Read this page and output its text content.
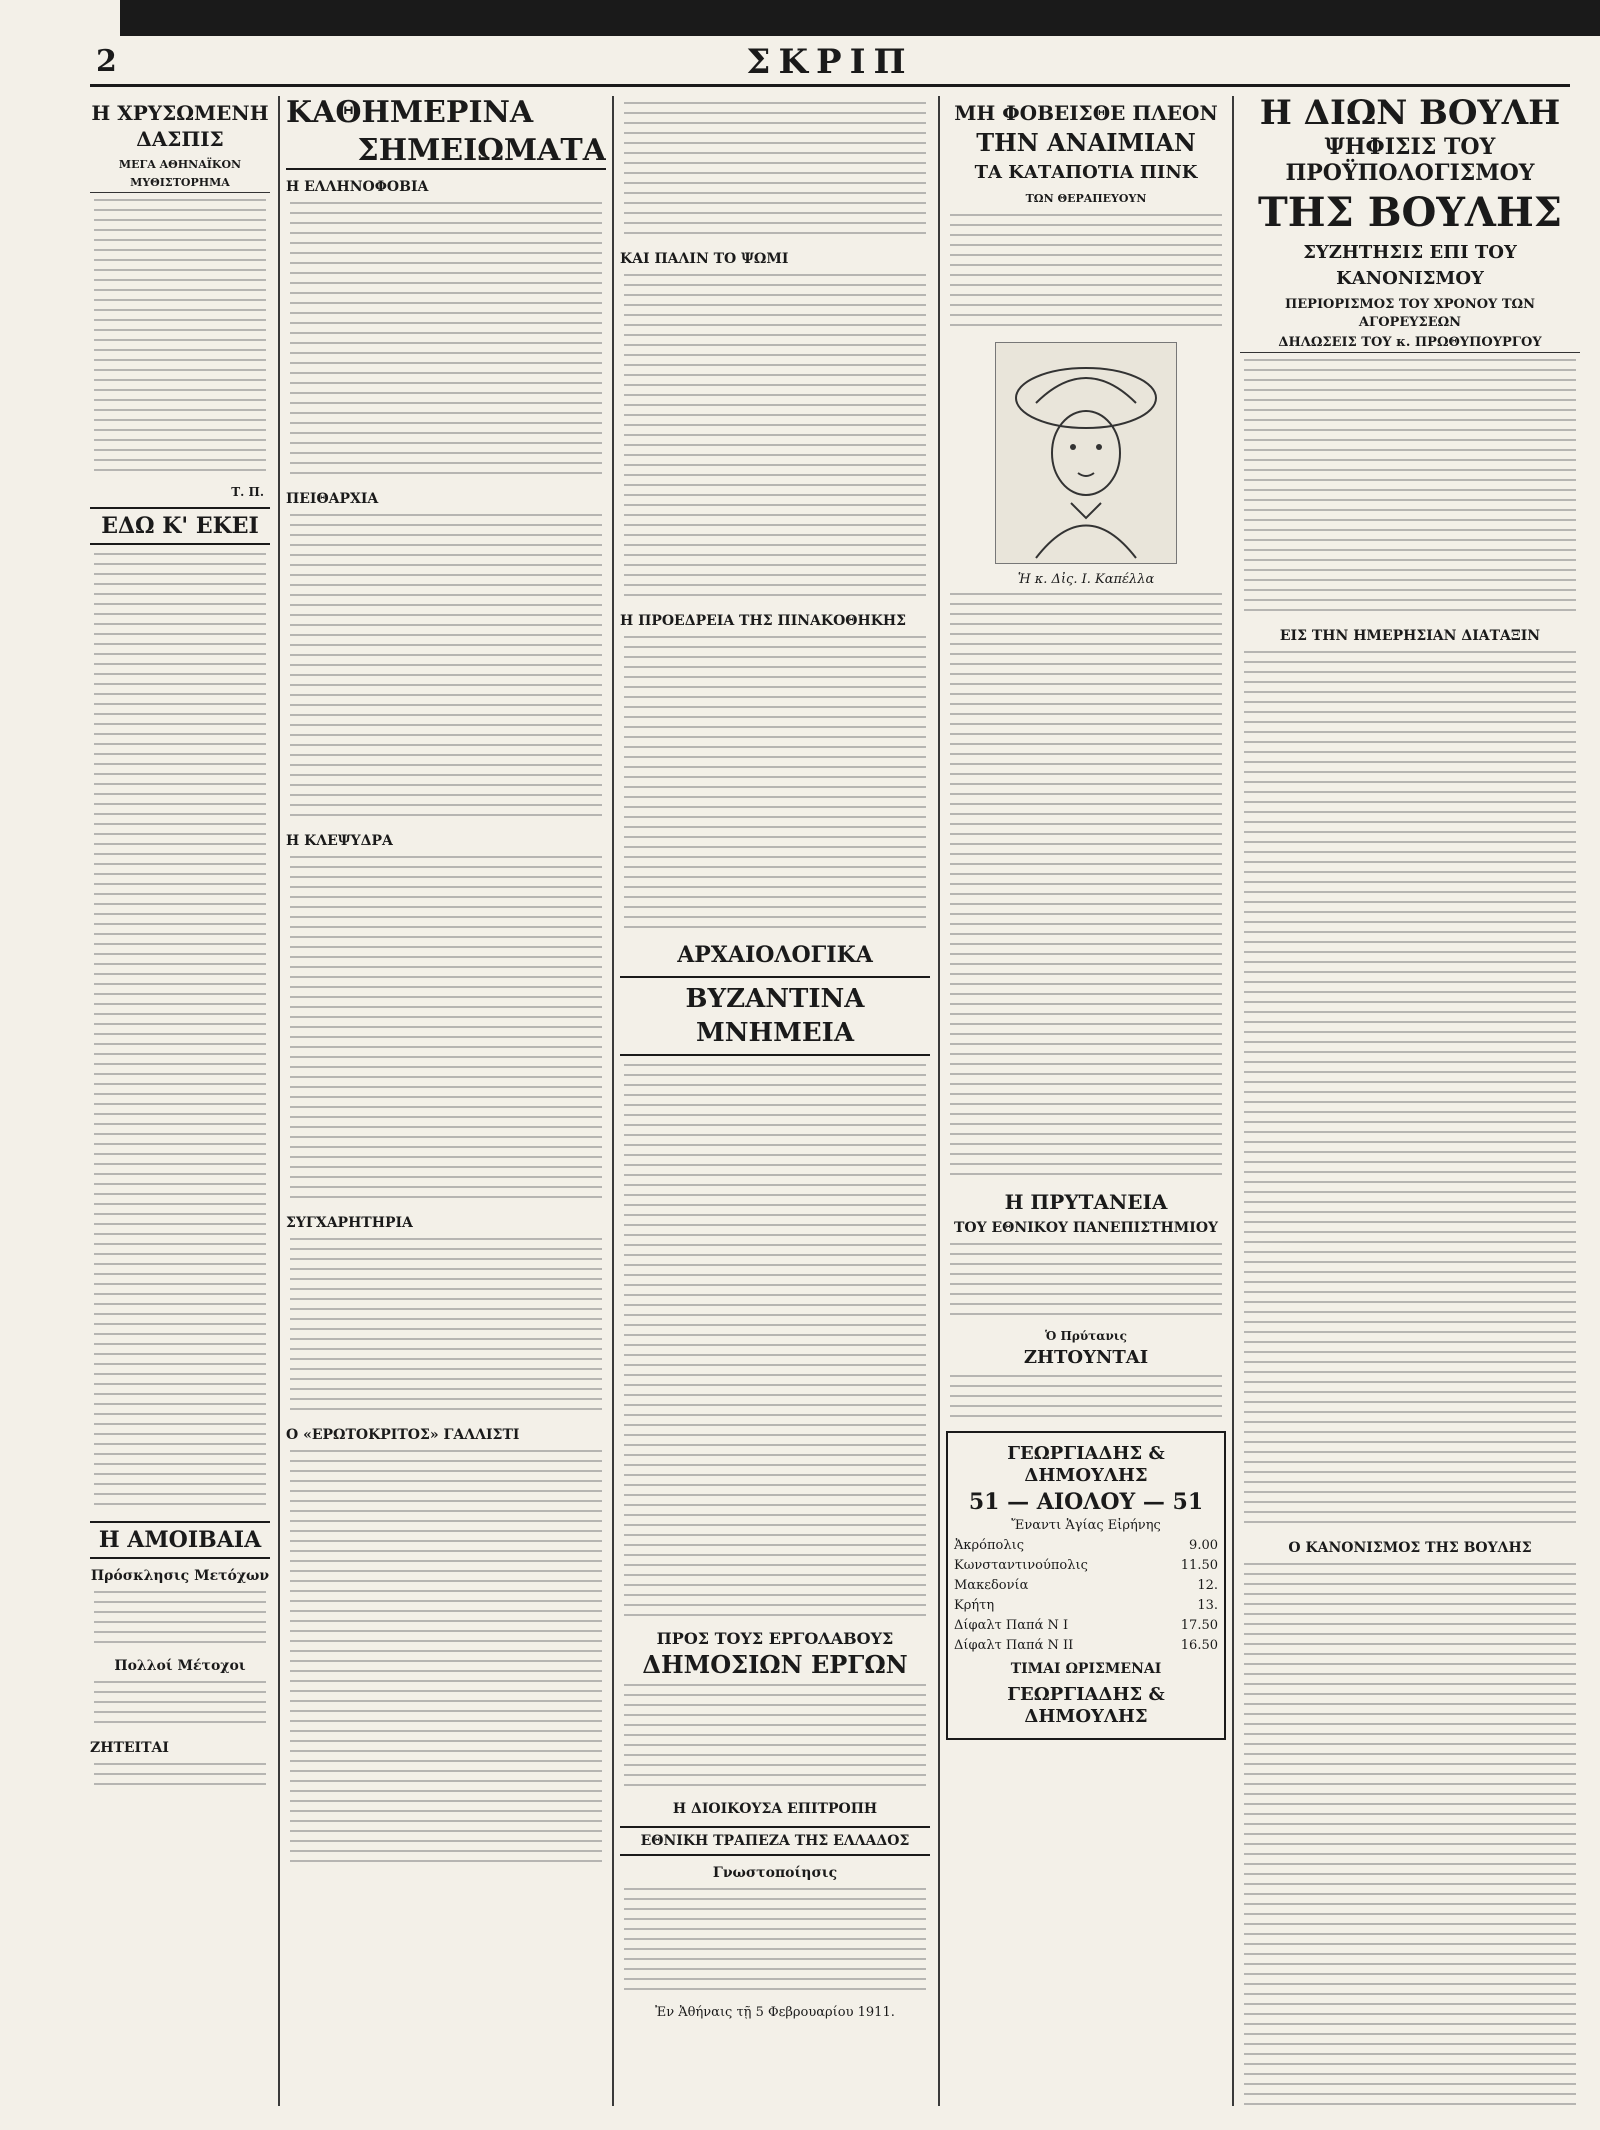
2	ΣΚΡΙΠ
Η ΧΡΥΣΩΜΕΝΗ ΔΑΣΠΙΣ
ΜΕΓΑ ΑΘΗΝΑΪΚΟΝ ΜΥΘΙΣΤΟΡΗΜΑ
Τ. Π.
ΕΔΩ Κ' ΕΚΕΙ
Η ΑΜΟΙΒΑΙΑ
Πρόσκλησις Μετόχων
Πολλοί Μέτοχοι
ΖΗΤΕΙΤΑΙ
ΚΑΘΗΜΕΡΙΝΑ
ΣΗΜΕΙΩΜΑΤΑ
Η ΕΛΛΗΝΟΦΟΒΙΑ
ΠΕΙΘΑΡΧΙΑ
Η ΚΛΕΨΥΔΡΑ
ΣΥΓΧΑΡΗΤΗΡΙΑ
Ο «ΕΡΩΤΟΚΡΙΤΟΣ» ΓΑΛΛΙΣΤΙ
ΚΑΙ ΠΑΛΙΝ ΤΟ ΨΩΜΙ
Η ΠΡΟΕΔΡΕΙΑ ΤΗΣ ΠΙΝΑΚΟΘΗΚΗΣ
ΑΡΧΑΙΟΛΟΓΙΚΑ
ΒΥΖΑΝΤΙΝΑ ΜΝΗΜΕΙΑ
ΠΡΟΣ ΤΟΥΣ ΕΡΓΟΛΑΒΟΥΣ
ΔΗΜΟΣΙΩΝ ΕΡΓΩΝ
Η ΔΙΟΙΚΟΥΣΑ ΕΠΙΤΡΟΠΗ
ΕΘΝΙΚΗ ΤΡΑΠΕΖΑ ΤΗΣ ΕΛΛΑΔΟΣ
Γνωστοποίησις
Ἐν Ἀθήναις τῇ 5 Φεβρουαρίου 1911.
ΜΗ ΦΟΒΕΙΣΘΕ ΠΛΕΟΝ
ΤΗΝ ΑΝΑΙΜΙΑΝ
ΤΑ ΚΑΤΑΠΟΤΙΑ ΠΙΝΚ
ΤΩΝ ΘΕΡΑΠΕΥΟΥΝ
Ἡ κ. Δἰς. Ι. Καπέλλα
Η ΠΡΥΤΑΝΕΙΑ
ΤΟΥ ΕΘΝΙΚΟΥ ΠΑΝΕΠΙΣΤΗΜΙΟΥ
Ὁ Πρύτανις
ΖΗΤΟΥΝΤΑΙ
ΓΕΩΡΓΙΑΔΗΣ & ΔΗΜΟΥΛΗΣ
51 — ΑΙΟΛΟΥ — 51
Ἔναντι Ἁγίας Εἰρήνης
Ἀκρόπολις	9.00
Κωνσταντινούπολις	11.50
Μακεδονία	12.
Κρήτη	13.
Δίφαλτ Παπά Ν Ι	17.50
Δίφαλτ Παπά Ν ΙΙ	16.50
ΤΙΜΑΙ ΩΡΙΣΜΕΝΑΙ
ΓΕΩΡΓΙΑΔΗΣ & ΔΗΜΟΥΛΗΣ
Η ΔΙΩΝ ΒΟΥΛΗ
ΨΗΦΙΣΙΣ ΤΟΥ ΠΡΟΫΠΟΛΟΓΙΣΜΟΥ
ΤΗΣ ΒΟΥΛΗΣ
ΣΥΖΗΤΗΣΙΣ ΕΠΙ ΤΟΥ ΚΑΝΟΝΙΣΜΟΥ
ΠΕΡΙΟΡΙΣΜΟΣ ΤΟΥ ΧΡΟΝΟΥ ΤΩΝ ΑΓΟΡΕΥΣΕΩΝ
ΔΗΛΩΣΕΙΣ ΤΟΥ κ. ΠΡΩΘΥΠΟΥΡΓΟΥ
ΕΙΣ ΤΗΝ ΗΜΕΡΗΣΙΑΝ ΔΙΑΤΑΞΙΝ
Ο ΚΑΝΟΝΙΣΜΟΣ ΤΗΣ ΒΟΥΛΗΣ
